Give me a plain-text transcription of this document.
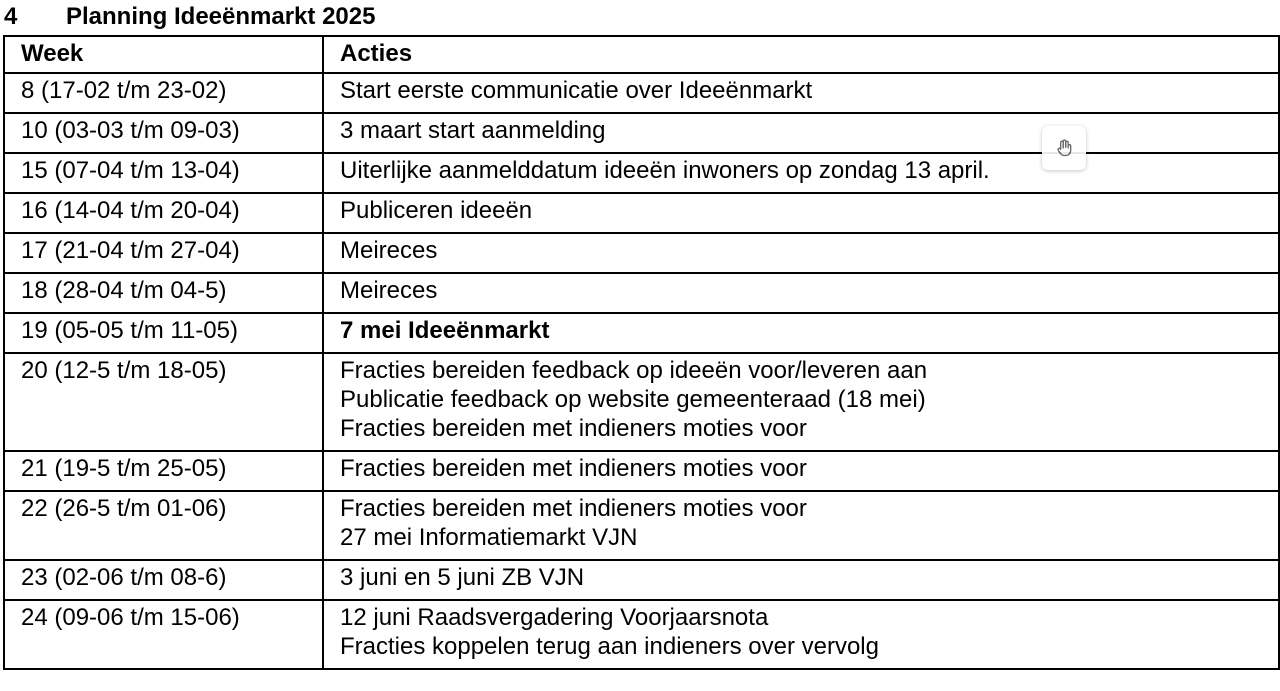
4 Planning Ideeënmarkt 2025
Week	Acties
8 (17-02 t/m 23-02)	Start eerste communicatie over Ideeënmarkt

10 (03-03 t/m 09-03)	3 maart start aanmelding

15 (07-04 t/m 13-04)	Uiterlijke aanmelddatum ideeën inwoners op zondag 13 april.

16 (14-04 t/m 20-04)	Publiceren ideeën

17 (21-04 t/m 27-04)	Meireces

18 (28-04 t/m 04-5)	Meireces

19 (05-05 t/m 11-05)	7 mei Ideeënmarkt

20 (12-5 t/m 18-05)	Fracties bereiden feedback op ideeën voor/leveren aan
Publicatie feedback op website gemeenteraad (18 mei)
Fracties bereiden met indieners moties voor

21 (19-5 t/m 25-05)	Fracties bereiden met indieners moties voor

22 (26-5 t/m 01-06)	Fracties bereiden met indieners moties voor
27 mei Informatiemarkt VJN

23 (02-06 t/m 08-6)	3 juni en 5 juni ZB VJN

24 (09-06 t/m 15-06)	12 juni Raadsvergadering Voorjaarsnota
Fracties koppelen terug aan indieners over vervolg
